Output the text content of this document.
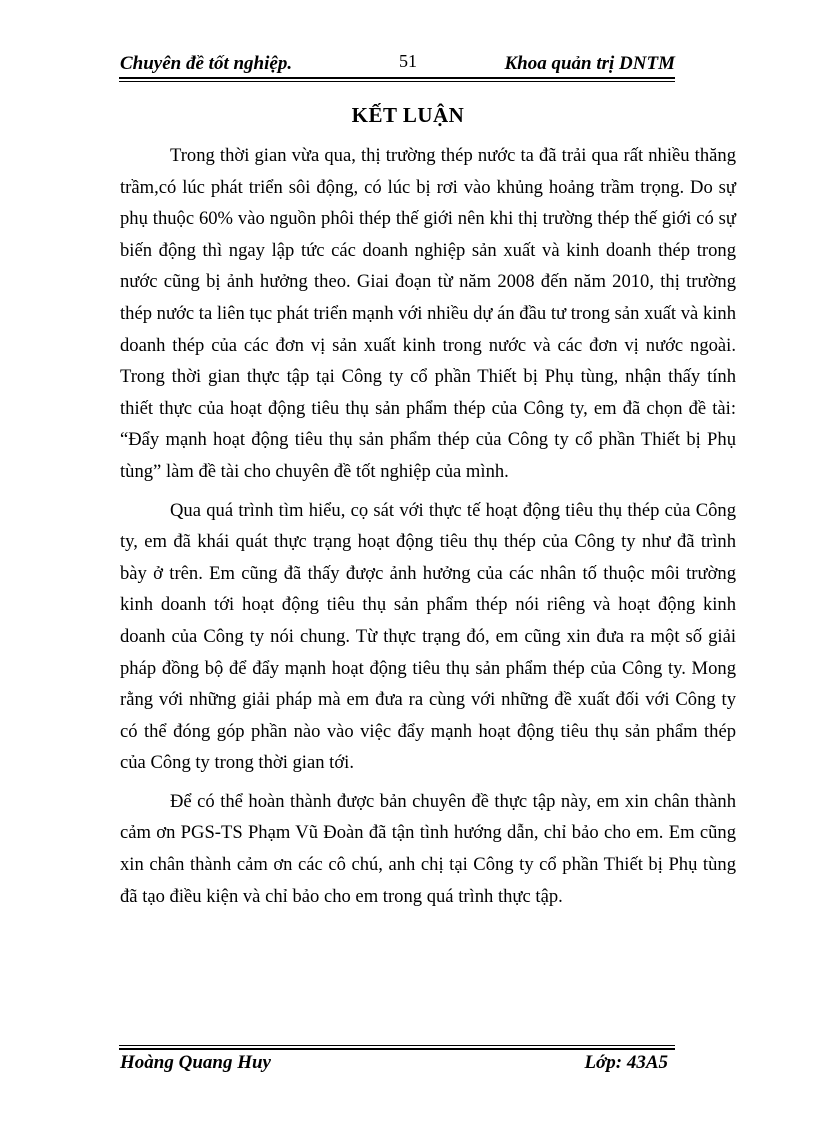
Chuyên đề tốt nghiệp.	51	Khoa quản trị DNTM
KẾT LUẬN

Trong thời gian vừa qua, thị trường thép nước ta đã trải qua rất nhiều thăng trầm,có lúc phát triển sôi động, có lúc bị rơi vào khủng hoảng trầm trọng. Do sự phụ thuộc 60% vào nguồn phôi thép thế giới nên khi thị trường thép thế giới có sự biến động thì ngay lập tức các doanh nghiệp sản xuất và kinh doanh thép trong nước cũng bị ảnh hưởng theo. Giai đoạn từ năm 2008 đến năm 2010, thị trường thép nước ta liên tục phát triển mạnh với nhiều dự án đầu tư trong sản xuất và kinh doanh thép của các đơn vị sản xuất kinh trong nước và các đơn vị nước ngoài. Trong thời gian thực tập tại Công ty cổ phần Thiết bị Phụ tùng, nhận thấy tính thiết thực của hoạt động tiêu thụ sản phẩm thép của Công ty, em đã chọn đề tài: “Đẩy mạnh hoạt động tiêu thụ sản phẩm thép của Công ty cổ phần Thiết bị Phụ tùng” làm đề tài cho chuyên đề tốt nghiệp của mình.

Qua quá trình tìm hiểu, cọ sát với thực tế hoạt động tiêu thụ thép của Công ty, em đã khái quát thực trạng hoạt động tiêu thụ thép của Công ty như đã trình bày ở trên. Em cũng đã thấy được ảnh hưởng của các nhân tố thuộc môi trường kinh doanh tới hoạt động tiêu thụ sản phẩm thép nói riêng và hoạt động kinh doanh của Công ty nói chung. Từ thực trạng đó, em cũng xin đưa ra một số giải pháp đồng bộ để đẩy mạnh hoạt động tiêu thụ sản phẩm thép của Công ty. Mong rằng với những giải pháp mà em đưa ra cùng với những đề xuất đối với Công ty có thể đóng góp phần nào vào việc đẩy mạnh hoạt động tiêu thụ sản phẩm thép của Công ty trong thời gian tới.

Để có thể hoàn thành được bản chuyên đề thực tập này, em xin chân thành cảm ơn PGS-TS Phạm Vũ Đoàn đã tận tình hướng dẫn, chỉ bảo cho em. Em cũng xin chân thành cảm ơn các cô chú, anh chị tại Công ty cổ phần Thiết bị Phụ tùng đã tạo điều kiện và chỉ bảo cho em trong quá trình thực tập.

Hoàng Quang Huy	Lớp: 43A5
